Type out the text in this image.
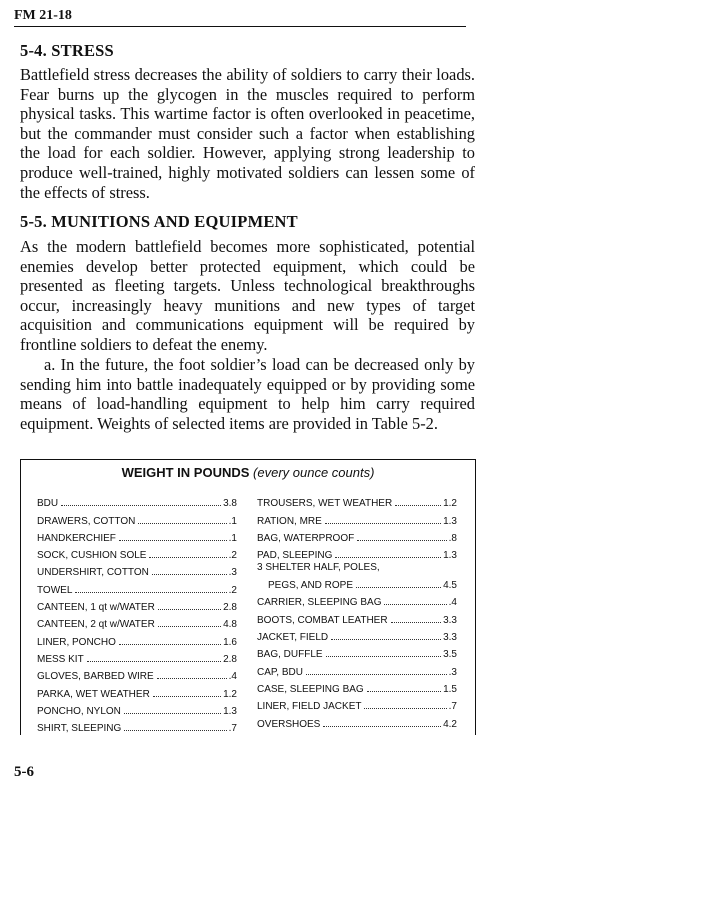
FM 21-18
5-4. STRESS

Battlefield stress decreases the ability of soldiers to carry their loads. Fear burns up the glycogen in the muscles required to perform physical tasks. This wartime factor is often overlooked in peacetime, but the commander must consider such a factor when establishing the load for each soldier. However, applying strong leadership to produce well-trained, highly motivated soldiers can lessen some of the effects of stress.

5-5. MUNITIONS AND EQUIPMENT

As the modern battlefield becomes more sophisticated, potential enemies develop better protected equipment, which could be presented as fleeting targets. Unless technological breakthroughs occur, increasingly heavy munitions and new types of target acquisition and communications equipment will be required by frontline soldiers to defeat the enemy.

a. In the future, the foot soldier’s load can be decreased only by sending him into battle inadequately equipped or by providing some means of load-handling equipment to help him carry required equipment. Weights of selected items are provided in Table 5-2.

WEIGHT IN POUNDS (every ounce counts)
BDU	3.8
DRAWERS, COTTON	.1
HANDKERCHIEF	.1
SOCK, CUSHION SOLE	.2
UNDERSHIRT, COTTON	.3
TOWEL	.2
CANTEEN, 1 qt w/WATER	2.8
CANTEEN, 2 qt w/WATER	4.8
LINER, PONCHO	1.6
MESS KIT	2.8
GLOVES, BARBED WIRE	.4
PARKA, WET WEATHER	1.2
PONCHO, NYLON	1.3
SHIRT, SLEEPING	.7
TROUSERS, WET WEATHER	1.2
RATION, MRE	1.3
BAG, WATERPROOF	.8
PAD, SLEEPING	1.3
3 SHELTER HALF, POLES,
PEGS, AND ROPE	4.5
CARRIER, SLEEPING BAG	.4
BOOTS, COMBAT LEATHER	3.3
JACKET, FIELD	3.3
BAG, DUFFLE	3.5
CAP, BDU	.3
CASE, SLEEPING BAG	1.5
LINER, FIELD JACKET	.7
OVERSHOES	4.2
5-6
